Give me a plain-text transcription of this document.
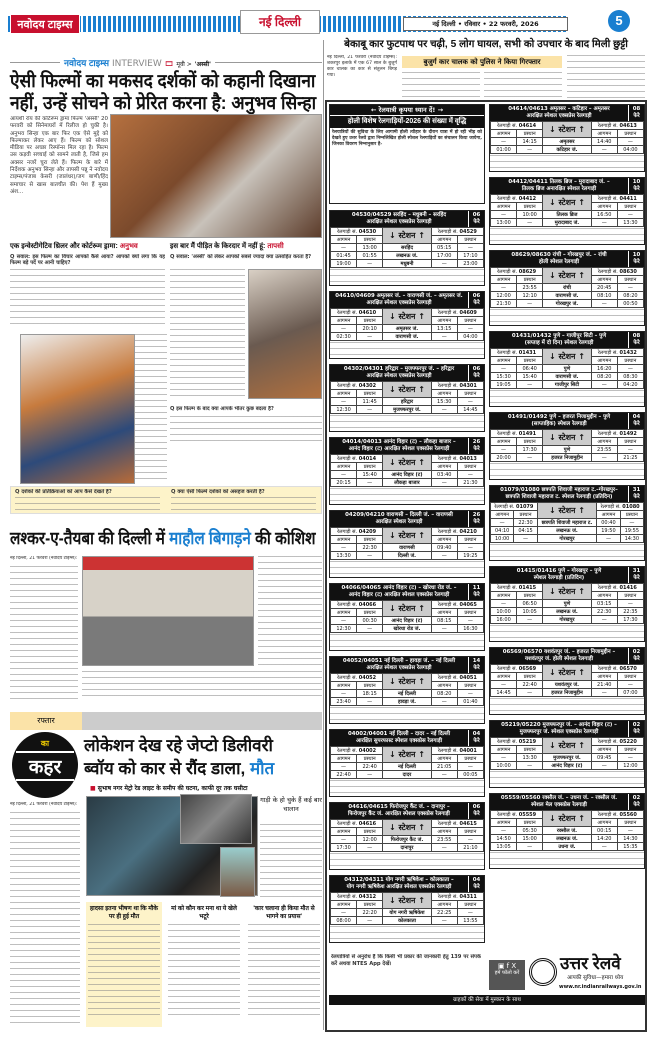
नवोदय टाइम्स	नई दिल्ली	नई दिल्ली • रविवार • 22 फरवरी, 2026	5
नवोदय टाइम्स INTERVIEW 🎞 मूवी > 'अस्सी'
ऐसी फिल्मों का मकसद दर्शकों को कहानी दिखाना
नहीं, उन्हें सोचने को प्रेरित करना है: अनुभव सिन्हा
आयशी रॉय की कोर्टरूम ड्रामा फिल्म 'अस्सी' 20 फरवरी को सिनेमाघरों में रिलीज हो चुकी है। अनुभव सिन्हा एक बार फिर एक ऐसे मुद्दे को फिल्माकर लेकर आए हैं। फिल्म को सोशल मीडिया पर अच्छा रिस्पॉन्स मिल रहा है। फिल्म उस कड़वी सच्चाई को सामने लाती है, जिसे हम अक्सर नजरें चुरा लेते हैं। फिल्म के बारे में निर्देशक अनुभव सिन्हा और तापसी पन्नू ने नवोदय टाइम्स/पंजाब केसरी (जालंधर)/जग बाणी/हिंद समाचार से खास बातचीत की। पेश हैं मुख्य अंश...
एक इन्वेस्टीगेटिव थ्रिलर और कोर्टरूम ड्रामा: अनुभव	इस बार मैं पीड़ित के किरदार में नहीं हूं: तापसी
Q सवाल: इस फिल्म का विचार आपको कैसे आया? आपको क्यों लगा कि यह फिल्म बड़े पर्दे पर आनी चाहिए?
Q सवाल: 'अस्सी' को लेकर आपको सबसे ज्यादा क्या उत्साहित करता है?
Q इस फिल्म के बाद क्या आपके भीतर कुछ बदला है?
Q दर्शकों की प्रतिक्रियाओं को आप कैसे देखते हैं?	Q क्या ऐसी फिल्में दर्शकों को असहज करती हैं?
लश्कर-ए-तैयबा की दिल्ली में माहौल बिगाड़ने की कोशिश
नई दिल्ली, 21 फरवरी (नवोदय टाइम्स):
रफ्तार
का
कहर
लोकेशन देख रहे जेप्टो डिलीवरी
ब्वॉय को कार से रौंद डाला, मौत
■ सुभाष नगर मेट्रो रेड लाइट के समीप की घटना, काफी दूर तक घसीटा
नई दिल्ली, 21 फरवरी (नवोदय टाइम्स):
गाड़ी के हो चुके हैं कई बार चालान
हादसा इतना भीषण था कि मौके पर ही हुई मौत
मां को कौन कर मना था ये खेले भटूरे
'कार चलाना ही किया मौत से भागने का प्रयास'
बेकाबू कार फुटपाथ पर चढ़ी, 5 लोग घायल, सभी को उपचार के बाद मिली छुट्टी
नई दिल्ली, 21 फरवरी (नवोदय टाइम्स): शकरपुर इलाके में एक 67 साल के बुजुर्ग कार चालक का कार से संतुलन बिगड़ गया।
बुजुर्ग कार चालक को पुलिस ने किया गिरफ्तार
← रेलयात्री कृपया ध्यान दें! →
होली विशेष रेलगाड़ियों-2026 की संख्या में वृद्धि
रेलयात्रियों की सुविधा के लिए आगामी होली त्यौहार के दौरान यात्रा में हो रही भीड़ को देखते हुए उत्तर रेलवे द्वारा निम्नलिखित होली स्पेशल रेलगाड़ियों का संचालन किया जायेगा, जिनका विवरण निम्नानुसार है-
04530/04529 सरहिंद – मधुबनी – सरहिंद
आरक्षित स्पेशल एक्सप्रेस रेलगाड़ी
06
फेरे
रेलगाड़ी सं. 04530		↓ स्टेशन ↑	रेलगाड़ी सं. 04529	
आगमन	प्रस्थान		आगमन	प्रस्थान
—	13:00	सरहिंद	05:15	—
01:45	01:55	लखनऊ जं.	17:00	17:10
19:00	—	मधुबनी	—	23:00
04610/04609 अमृतसर जं. – वाराणसी जं. – अमृतसर जं.
आरक्षित स्पेशल एक्सप्रेस रेलगाड़ी
06
फेरे
रेलगाड़ी सं. 04610		↓ स्टेशन ↑	रेलगाड़ी सं. 04609	
आगमन	प्रस्थान		आगमन	प्रस्थान
—	20:10	अमृतसर जं.	13:15	—
02:30	—	वाराणसी जं.	—	04:00
04302/04301 हरिद्वार – मुजफ्फरपुर जं. – हरिद्वार
आरक्षित स्पेशल एक्सप्रेस रेलगाड़ी
06
फेरे
रेलगाड़ी सं. 04302		↓ स्टेशन ↑	रेलगाड़ी सं. 04301	
आगमन	प्रस्थान		आगमन	प्रस्थान
—	11:45	हरिद्वार	15:30	—
12:30	—	मुजफ्फरपुर जं.	—	14:45
04014/04013 आनंद विहार (ट) – लौकहा बाजार –
आनंद विहार (ट) आरक्षित स्पेशल एक्सप्रेस रेलगाड़ी
26
फेरे
रेलगाड़ी सं. 04014		↓ स्टेशन ↑	रेलगाड़ी सं. 04013	
आगमन	प्रस्थान		आगमन	प्रस्थान
—	15:40	आनंद विहार (ट)	03:40	—
20:15	—	लौकहा बाजार	—	21:30
04209/04210 वाराणसी – दिल्ली जं. – वाराणसी
आरक्षित स्पेशल रेलगाड़ी
26
फेरे
रेलगाड़ी सं. 04209		↓ स्टेशन ↑	रेलगाड़ी सं. 04210	
आगमन	प्रस्थान		आगमन	प्रस्थान
—	22:30	वाराणसी	09:40	—
13:30	—	दिल्ली जं.	—	19:25
04066/04065 आनंद विहार (ट) – खोरधा रोड जं. –
आनंद विहार (ट) आरक्षित स्पेशल एक्सप्रेस रेलगाड़ी
11
फेरे
रेलगाड़ी सं. 04066		↓ स्टेशन ↑	रेलगाड़ी सं. 04065	
आगमन	प्रस्थान		आगमन	प्रस्थान
—	00:30	आनंद विहार (ट)	08:15	—
12:30	—	खोरधा रोड जं.	—	16:30
04052/04051 नई दिल्ली – हावड़ा जं. – नई दिल्ली
आरक्षित स्पेशल एक्सप्रेस रेलगाड़ी
14
फेरे
रेलगाड़ी सं. 04052		↓ स्टेशन ↑	रेलगाड़ी सं. 04051	
आगमन	प्रस्थान		आगमन	प्रस्थान
—	18:15	नई दिल्ली	08:20	—
23:40	—	हावड़ा जं.	—	01:40
04002/04001 नई दिल्ली – दादर – नई दिल्ली
आरक्षित सुपरफास्ट स्पेशल एक्सप्रेस रेलगाड़ी
04
फेरे
रेलगाड़ी सं. 04002		↓ स्टेशन ↑	रेलगाड़ी सं. 04001	
आगमन	प्रस्थान		आगमन	प्रस्थान
—	22:40	नई दिल्ली	21:05	—
22:40	—	दादर	—	00:05
04616/04615 फिरोजपुर कैंट जं. – दानापुर –
फिरोजपुर कैंट जं. आरक्षित स्पेशल एक्सप्रेस रेलगाड़ी
06
फेरे
रेलगाड़ी सं. 04616		↓ स्टेशन ↑	रेलगाड़ी सं. 04615	
आगमन	प्रस्थान		आगमन	प्रस्थान
—	12:00	फिरोजपुर कैंट जं.	23:55	—
17:30	—	दानापुर	—	21:10
04312/04311 योग नगरी ऋषिकेश – कोलकाता –
योग नगरी ऋषिकेश आरक्षित स्पेशल एक्सप्रेस रेलगाड़ी
04
फेरे
रेलगाड़ी सं. 04312		↓ स्टेशन ↑	रेलगाड़ी सं. 04311	
आगमन	प्रस्थान		आगमन	प्रस्थान
—	22:20	योग नगरी ऋषिकेश	22:25	—
08:00	—	कोलकाता	—	13:55
04614/04613 अमृतसर – कटिहार – अमृतसर
आरक्षित स्पेशल एक्सप्रेस रेलगाड़ी
08
फेरे
रेलगाड़ी सं. 04614		↓ स्टेशन ↑	रेलगाड़ी सं. 04613	
आगमन	प्रस्थान		आगमन	प्रस्थान
—	14:15	अमृतसर	14:40	—
01:00	—	कटिहार जं.	—	04:00
04412/04411 तिलक ब्रिज – मुरादाबाद जं. –
तिलक ब्रिज अनारक्षित स्पेशल रेलगाड़ी
10
फेरे
रेलगाड़ी सं. 04412		↓ स्टेशन ↑	रेलगाड़ी सं. 04411	
आगमन	प्रस्थान		आगमन	प्रस्थान
—	10:00	तिलक ब्रिज	16:50	—
13:00	—	मुरादाबाद जं.	—	13:30
08629/08630 रांची – गोरखपुर जं. – रांची
होली स्पेशल रेलगाड़ी
10
फेरे
रेलगाड़ी सं. 08629		↓ स्टेशन ↑	रेलगाड़ी सं. 08630	
आगमन	प्रस्थान		आगमन	प्रस्थान
—	23:55	रांची	20:45	—
12:00	12:10	वाराणसी जं.	08:10	08:20
21:30	—	गोरखपुर जं.	—	00:50
01431/01432 पुणे – गाजीपुर सिटी – पुणे
(सप्ताह में दो दिन) स्पेशल रेलगाड़ी
08
फेरे
रेलगाड़ी सं. 01431		↓ स्टेशन ↑	रेलगाड़ी सं. 01432	
आगमन	प्रस्थान		आगमन	प्रस्थान
—	06:40	पुणे	16:20	—
15:30	15:40	वाराणसी जं.	08:20	08:30
19:05	—	गाजीपुर सिटी	—	04:20
01491/01492 पुणे – हजरत निजामुद्दीन – पुणे
(साप्ताहिक) स्पेशल रेलगाड़ी
04
फेरे
रेलगाड़ी सं. 01491		↓ स्टेशन ↑	रेलगाड़ी सं. 01492	
आगमन	प्रस्थान		आगमन	प्रस्थान
—	17:30	पुणे	23:55	—
20:00	—	हजरत निजामुद्दीन	—	21:25
01079/01080 छत्रपति शिवाजी महाराज ट.–गोरखपुर–
छत्रपति शिवाजी महाराज ट. स्पेशल रेलगाड़ी (प्रतिदिन)
31
फेरे
रेलगाड़ी सं. 01079		↓ स्टेशन ↑	रेलगाड़ी सं. 01080	
आगमन	प्रस्थान		आगमन	प्रस्थान
—	22:30	छत्रपति शिवाजी महाराज ट.	00:40	—
04:10	04:15	लखनऊ जं.	19:50	19:55
10:00	—	गोरखपुर	—	14:30
01415/01416 पुणे – गोरखपुर – पुणे
स्पेशल रेलगाड़ी (प्रतिदिन)
31
फेरे
रेलगाड़ी सं. 01415		↓ स्टेशन ↑	रेलगाड़ी सं. 01416	
आगमन	प्रस्थान		आगमन	प्रस्थान
—	06:50	पुणे	03:15	—
10:00	10:05	लखनऊ जं.	22:30	22:35
16:00	—	गोरखपुर	—	17:30
06569/06570 यशवंतपुर जं. – हजरत निजामुद्दीन –
यशवंतपुर जं. होली स्पेशल रेलगाड़ी
02
फेरे
रेलगाड़ी सं. 06569		↓ स्टेशन ↑	रेलगाड़ी सं. 06570	
आगमन	प्रस्थान		आगमन	प्रस्थान
—	22:40	यशवंतपुर जं.	21:40	—
14:45	—	हजरत निजामुद्दीन	—	07:00
05219/05220 मुजफ्फरपुर जं. – आनंद विहार (ट) –
मुजफ्फरपुर जं. स्पेशल एक्सप्रेस रेलगाड़ी
02
फेरे
रेलगाड़ी सं. 05219		↓ स्टेशन ↑	रेलगाड़ी सं. 05220	
आगमन	प्रस्थान		आगमन	प्रस्थान
—	13:30	मुजफ्फरपुर जं.	09:45	—
10:00	—	आनंद विहार (ट)	—	12:00
05559/05560 रक्सौल जं. – उधना जं. – रक्सौल जं.
स्पेशल मेल एक्सप्रेस रेलगाड़ी
02
फेरे
रेलगाड़ी सं. 05559		↓ स्टेशन ↑	रेलगाड़ी सं. 05560	
आगमन	प्रस्थान		आगमन	प्रस्थान
—	05:30	रक्सौल जं.	00:15	—
14:50	15:00	लखनऊ जं.	14:20	14:30
13:05	—	उधना जं.	—	15:35
रेलयात्रियों से अनुरोध है कि किसी भी प्रकार की जानकारी हेतु 139 पर संपर्क करें अथवा NTES App देखें।	▣ f X
हमें फॉलो करें	उत्तर रेलवे
आपकी सुविधा—हमारा ध्येय
www.nr.indianrailways.gov.in
ग्राहकों की सेवा में मुस्कान के साथ
